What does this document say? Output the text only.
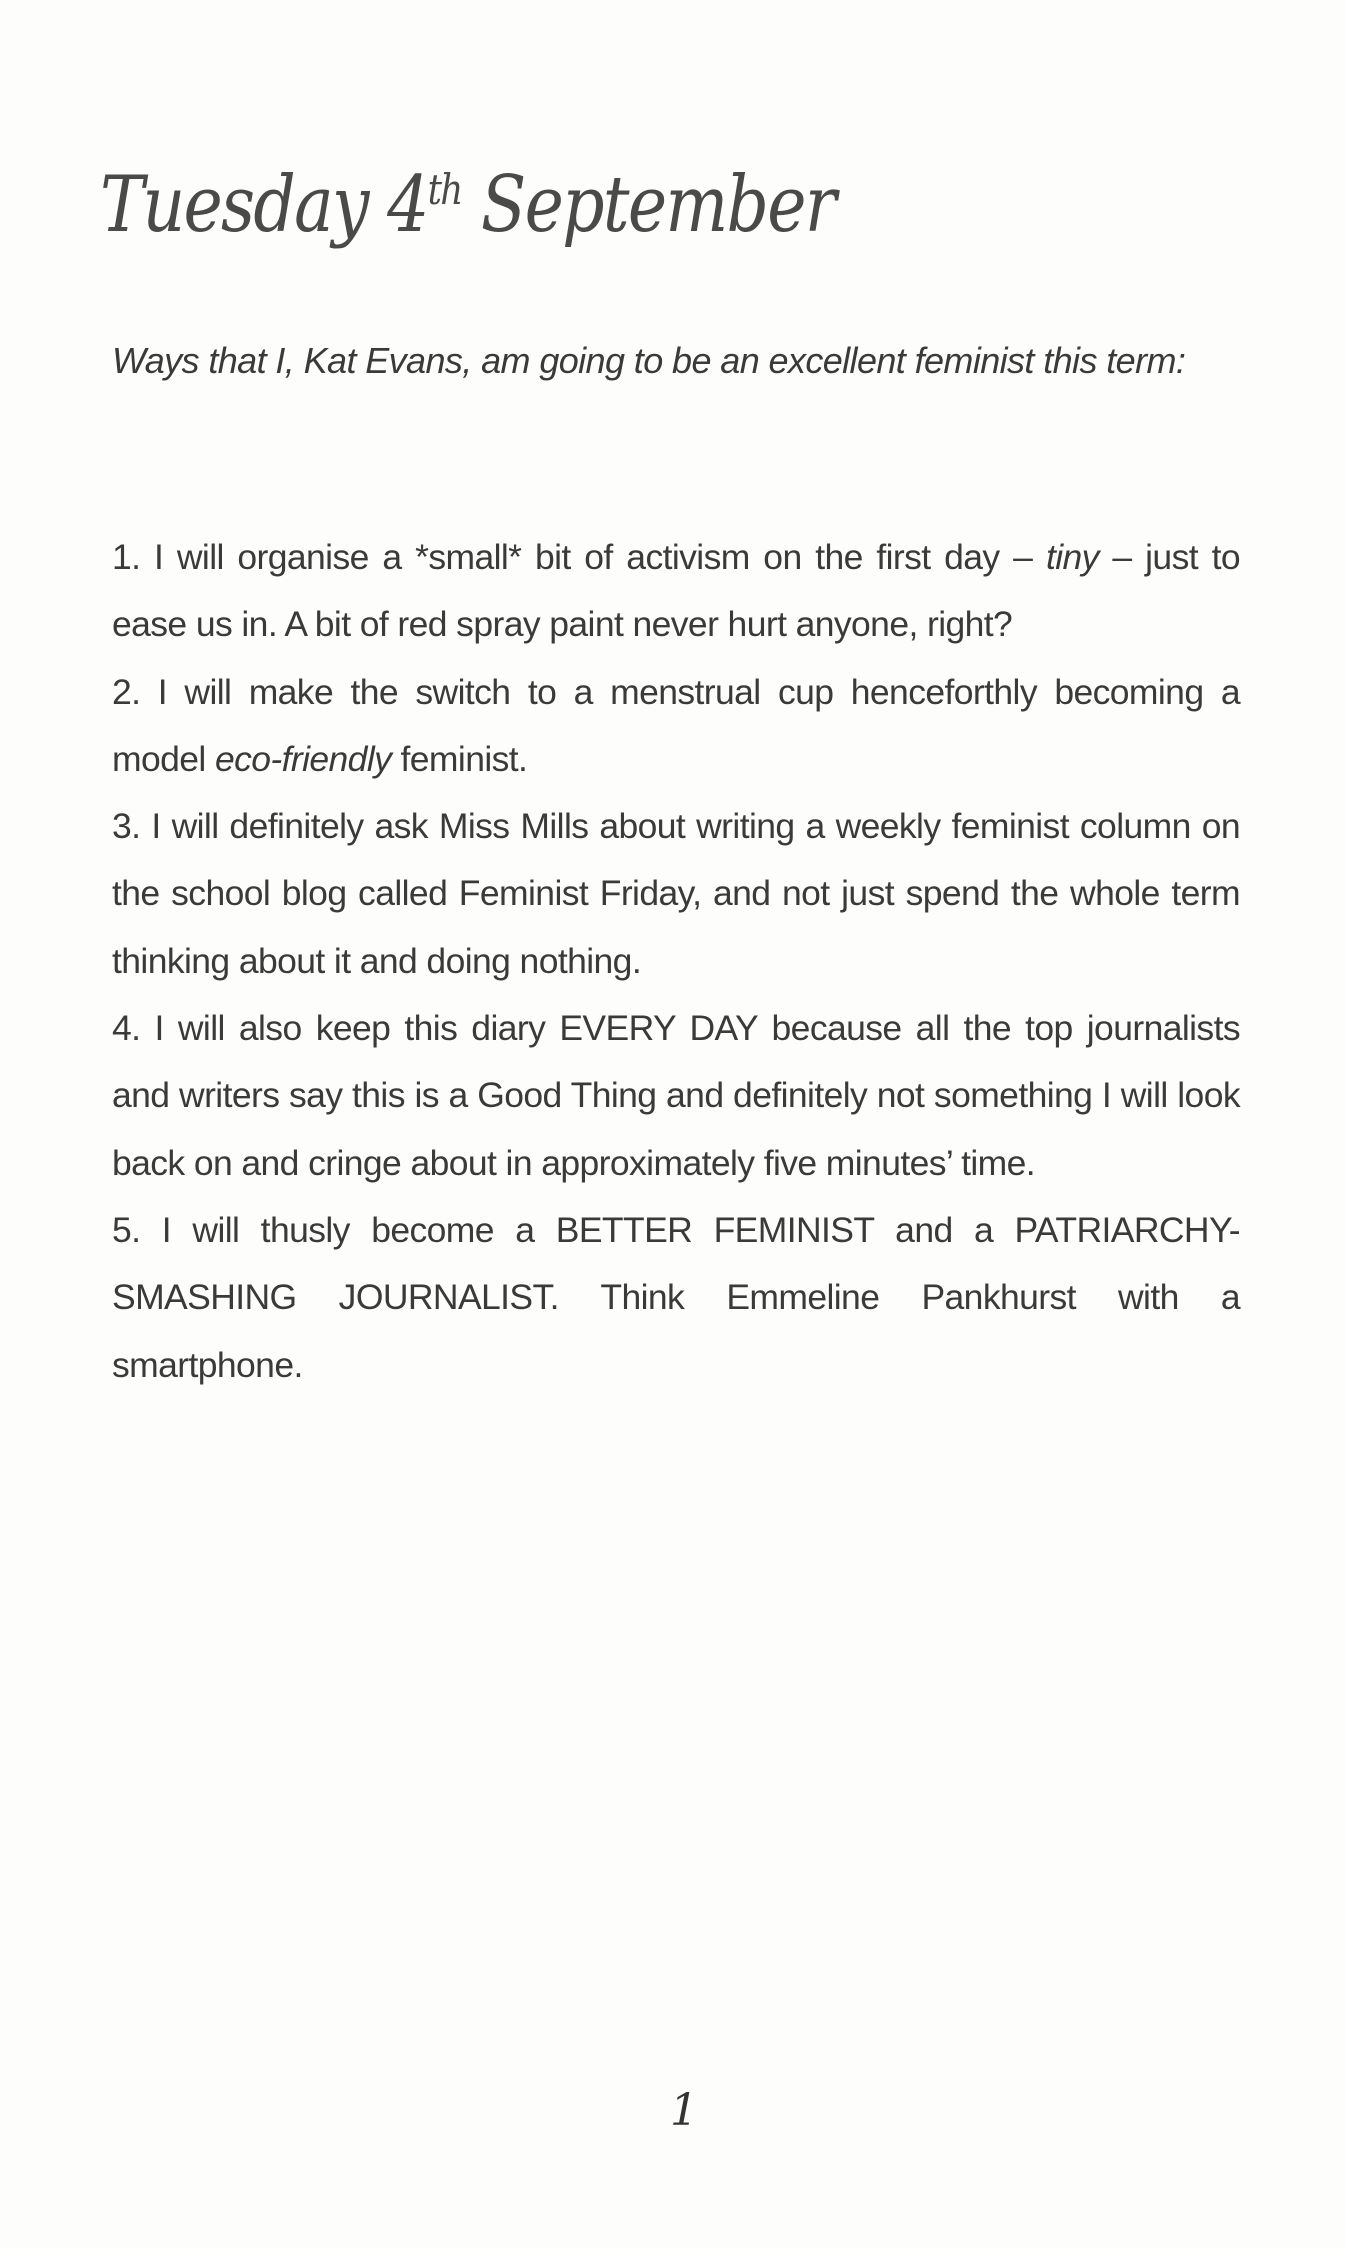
Tuesday 4th September
Ways that I, Kat Evans, am going to be an excellent feminist this term:

1. I will organise a *small* bit of activism on the first day – tiny – just to ease us in. A bit of red spray paint never hurt anyone, right?

2. I will make the switch to a menstrual cup henceforthly becoming a model eco-friendly feminist.

3. I will definitely ask Miss Mills about writing a weekly feminist column on the school blog called Feminist Friday, and not just spend the whole term thinking about it and doing nothing.

4. I will also keep this diary EVERY DAY because all the top journalists and writers say this is a Good Thing and definitely not something I will look back on and cringe about in approximately five minutes’ time.

5. I will thusly become a BETTER FEMINIST and a PATRIARCHY-SMASHING JOURNALIST. Think Emmeline Pankhurst with a smartphone.

1
